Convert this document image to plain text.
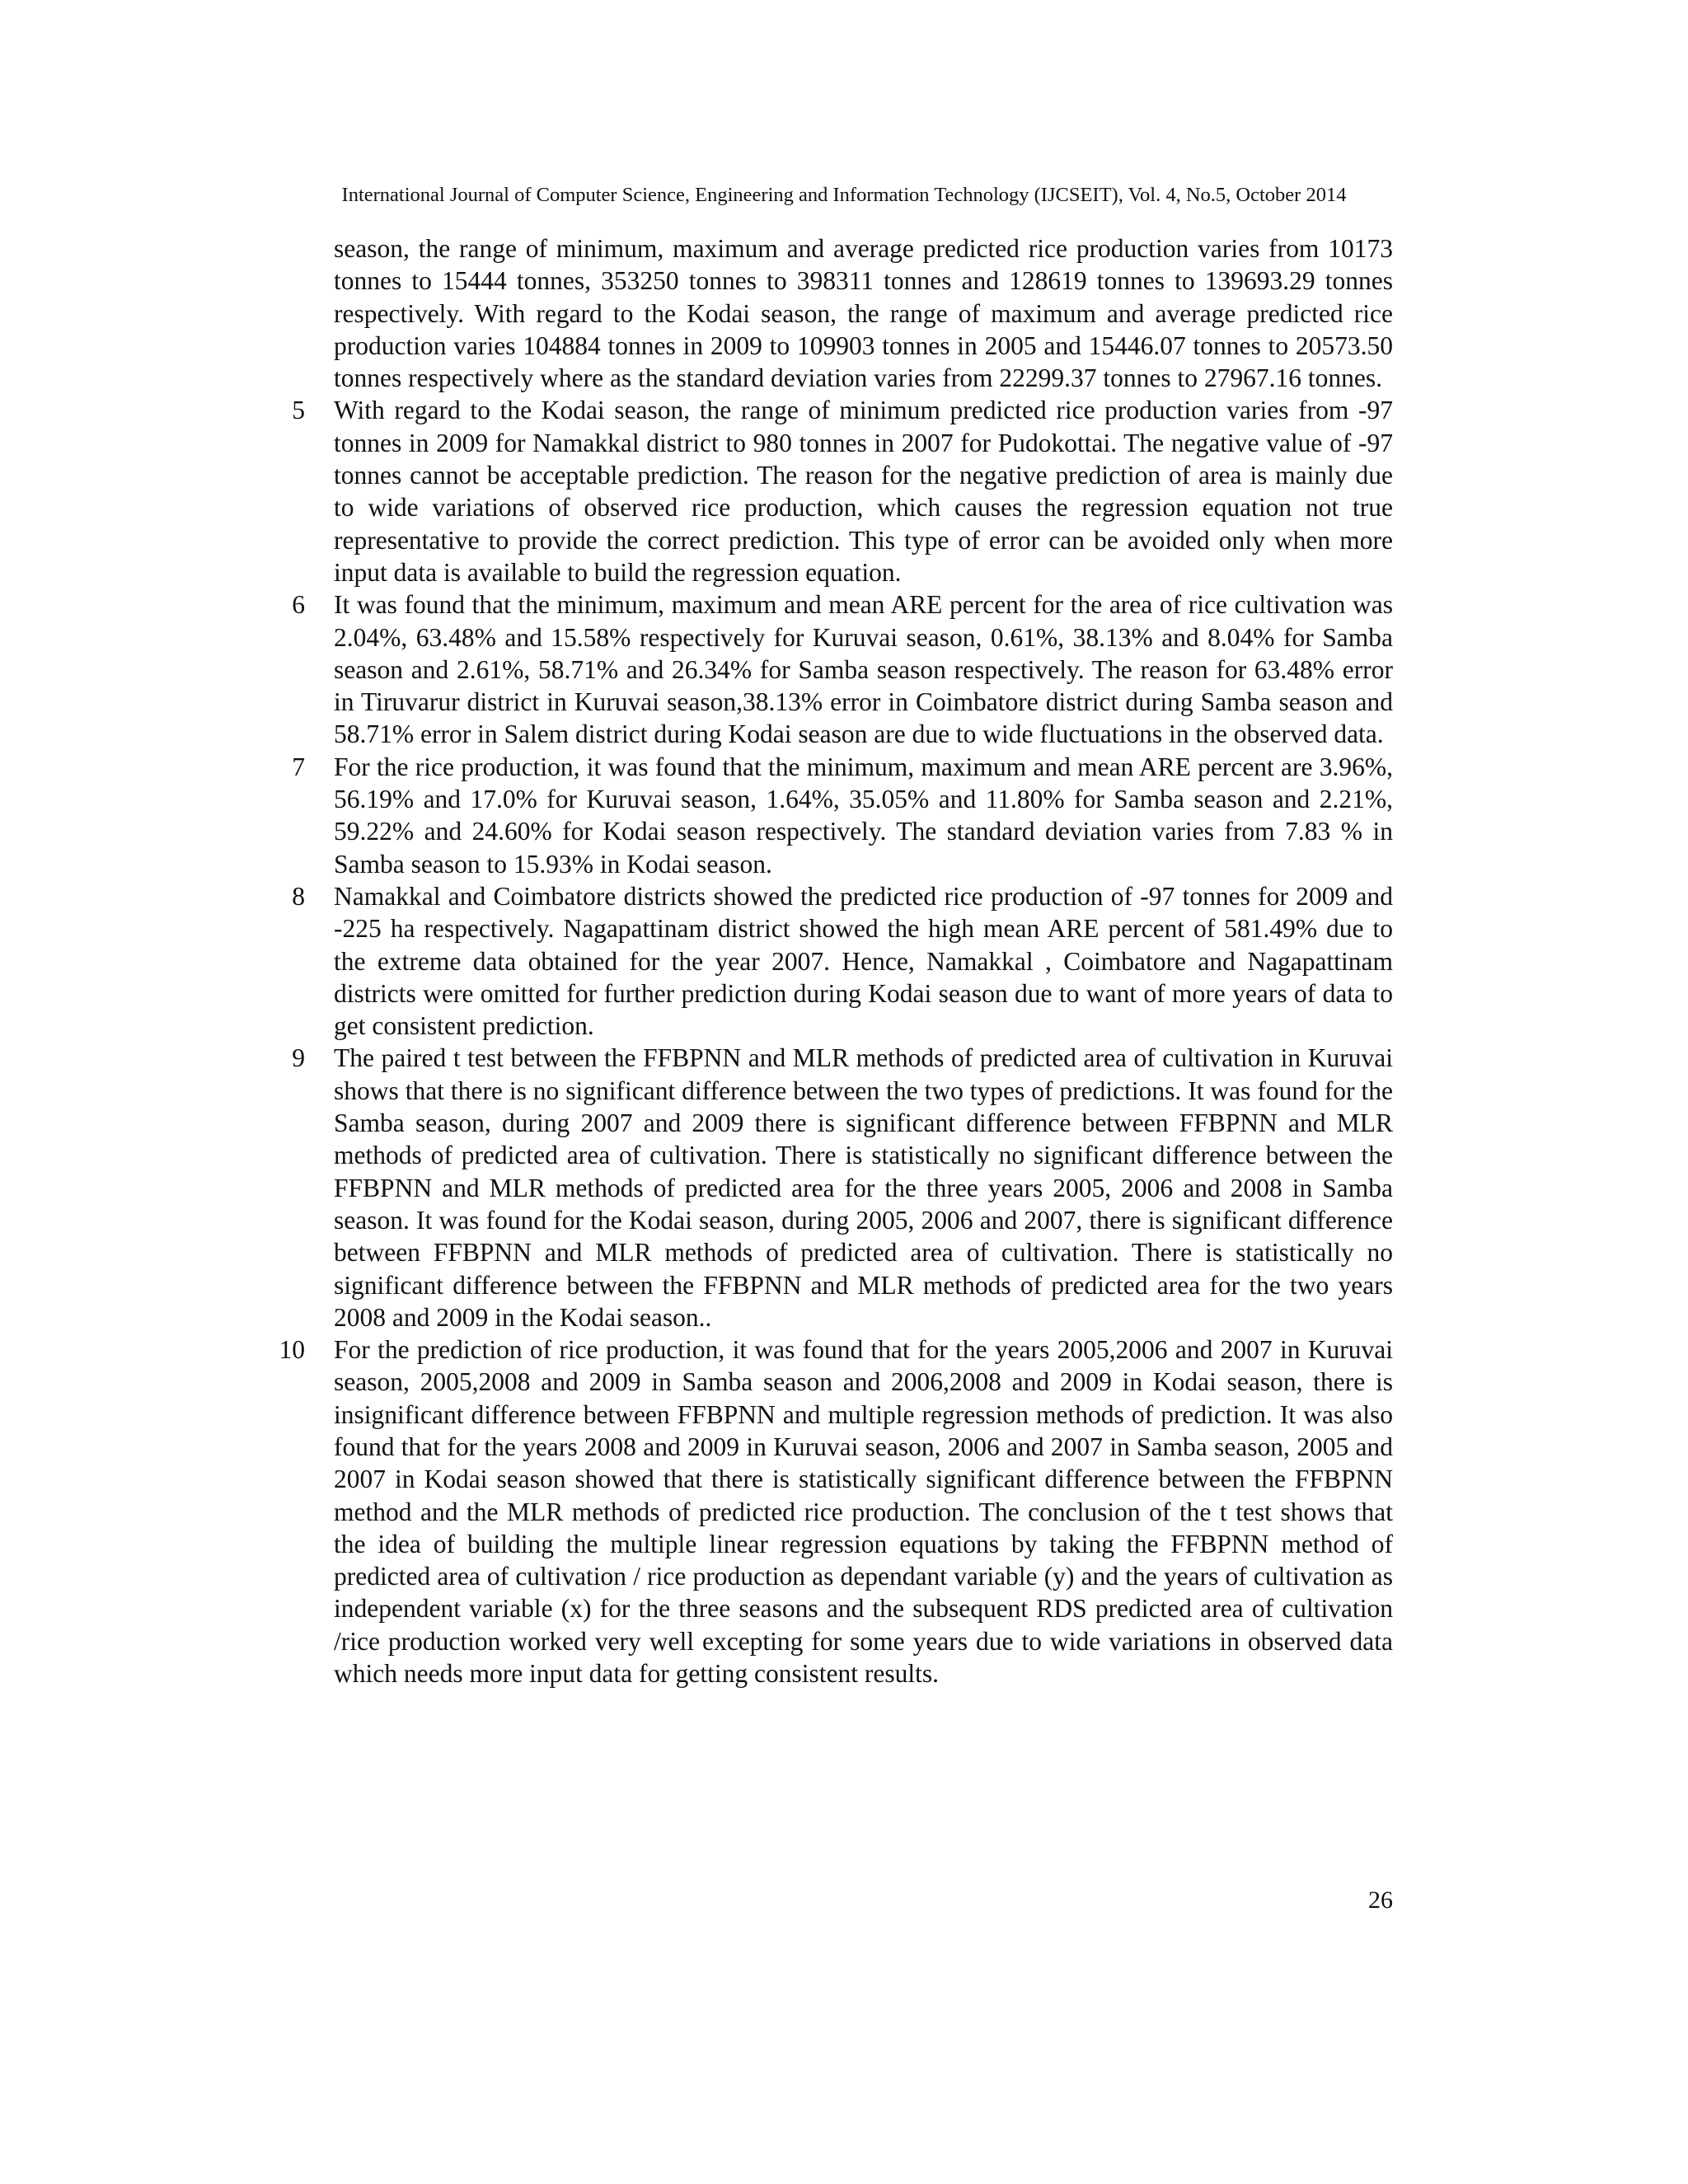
International Journal of Computer Science, Engineering and Information Technology (IJCSEIT), Vol. 4, No.5, October 2014

season, the range of minimum, maximum and average predicted rice production varies from 10173 tonnes to 15444 tonnes, 353250 tonnes to 398311 tonnes and 128619 tonnes to 139693.29 tonnes respectively. With regard to the Kodai season, the range of maximum and average predicted rice production varies 104884 tonnes in 2009 to 109903 tonnes in 2005 and 15446.07 tonnes to 20573.50 tonnes respectively where as the standard deviation varies from 22299.37 tonnes to 27967.16 tonnes.

5 With regard to the Kodai season, the range of minimum predicted rice production varies from -97 tonnes in 2009 for Namakkal district to 980 tonnes in 2007 for Pudokottai. The negative value of -97 tonnes cannot be acceptable prediction. The reason for the negative prediction of area is mainly due to wide variations of observed rice production, which causes the regression equation not true representative to provide the correct prediction. This type of error can be avoided only when more input data is available to build the regression equation.
6 It was found that the minimum, maximum and mean ARE percent for the area of rice cultivation was 2.04%, 63.48% and 15.58% respectively for Kuruvai season, 0.61%, 38.13% and 8.04% for Samba season and 2.61%, 58.71% and 26.34% for Samba season respectively. The reason for 63.48% error in Tiruvarur district in Kuruvai season,38.13% error in Coimbatore district during Samba season and 58.71% error in Salem district during Kodai season are due to wide fluctuations in the observed data.
7 For the rice production, it was found that the minimum, maximum and mean ARE percent are 3.96%, 56.19% and 17.0% for Kuruvai season, 1.64%, 35.05% and 11.80% for Samba season and 2.21%, 59.22% and 24.60% for Kodai season respectively. The standard deviation varies from 7.83 % in Samba season to 15.93% in Kodai season.
8 Namakkal and Coimbatore districts showed the predicted rice production of -97 tonnes for 2009 and -225 ha respectively. Nagapattinam district showed the high mean ARE percent of 581.49% due to the extreme data obtained for the year 2007. Hence, Namakkal , Coimbatore and Nagapattinam districts were omitted for further prediction during Kodai season due to want of more years of data to get consistent prediction.
9 The paired t test between the FFBPNN and MLR methods of predicted area of cultivation in Kuruvai shows that there is no significant difference between the two types of predictions. It was found for the Samba season, during 2007 and 2009 there is significant difference between FFBPNN and MLR methods of predicted area of cultivation. There is statistically no significant difference between the FFBPNN and MLR methods of predicted area for the three years 2005, 2006 and 2008 in Samba season. It was found for the Kodai season, during 2005, 2006 and 2007, there is significant difference between FFBPNN and MLR methods of predicted area of cultivation. There is statistically no significant difference between the FFBPNN and MLR methods of predicted area for the two years 2008 and 2009 in the Kodai season..
10 For the prediction of rice production, it was found that for the years 2005,2006 and 2007 in Kuruvai season, 2005,2008 and 2009 in Samba season and 2006,2008 and 2009 in Kodai season, there is insignificant difference between FFBPNN and multiple regression methods of prediction. It was also found that for the years 2008 and 2009 in Kuruvai season, 2006 and 2007 in Samba season, 2005 and 2007 in Kodai season showed that there is statistically significant difference between the FFBPNN method and the MLR methods of predicted rice production. The conclusion of the t test shows that the idea of building the multiple linear regression equations by taking the FFBPNN method of predicted area of cultivation / rice production as dependant variable (y) and the years of cultivation as independent variable (x) for the three seasons and the subsequent RDS predicted area of cultivation /rice production worked very well excepting for some years due to wide variations in observed data which needs more input data for getting consistent results.
26
